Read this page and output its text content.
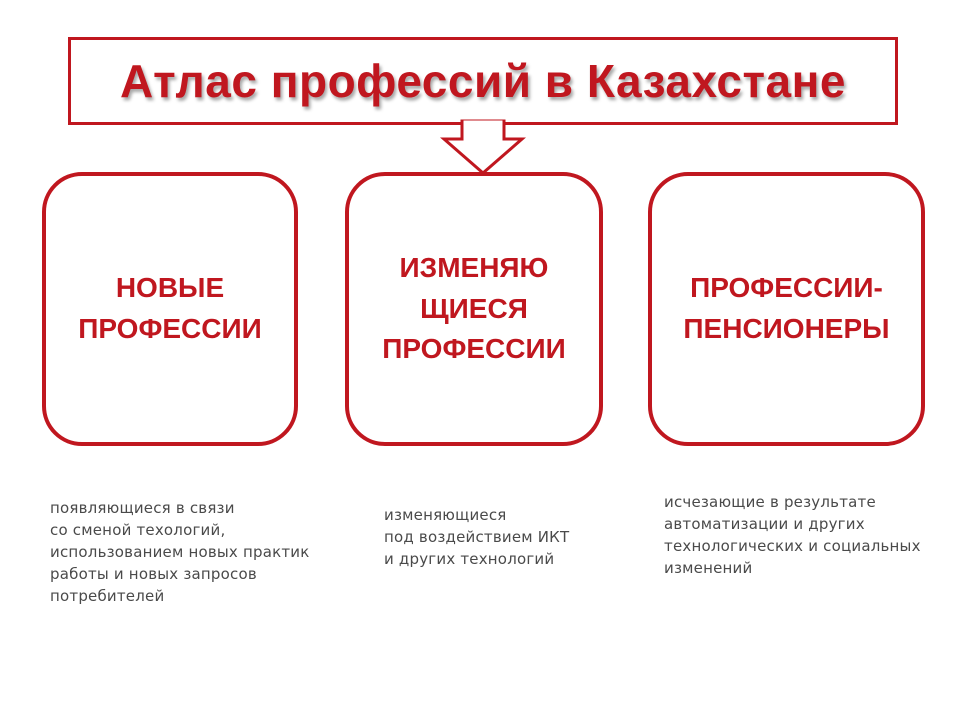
Атлас профессий в Казахстане
НОВЫЕ
ПРОФЕССИИ
ИЗМЕНЯЮ
ЩИЕСЯ
ПРОФЕССИИ
ПРОФЕССИИ-
ПЕНСИОНЕРЫ
появляющиеся в связи
со сменой техологий,
использованием новых практик
работы и новых запросов
потребителей
изменяющиеся
под воздействием ИКТ
и других технологий
исчезающие в результате
автоматизации и других
технологических и социальных
изменений
